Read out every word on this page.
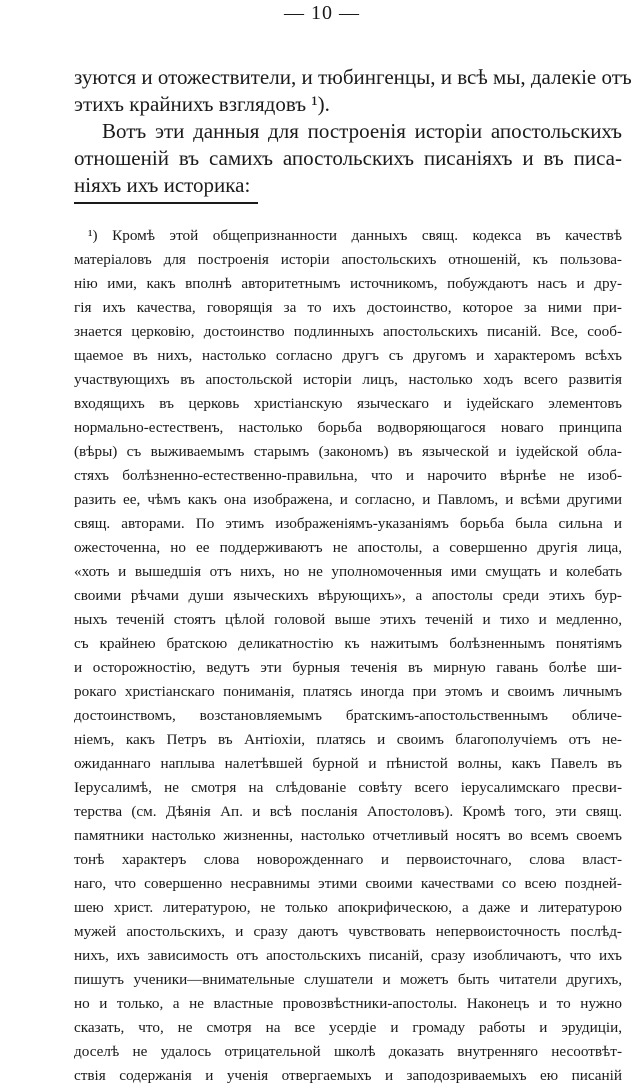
— 10 —
зуются и отожествители, и тюбингенцы, и всѣ мы, далекіе отъ
этихъ крайнихъ взглядовъ ¹).
Вотъ эти данныя для построенія исторіи апостольскихъ
отношеній въ самихъ апостольскихъ писаніяхъ и въ писа-
ніяхъ ихъ историка:
¹) Кромѣ этой общепризнанности данныхъ свящ. кодекса въ качествѣ
матеріаловъ для построенія исторіи апостольскихъ отношеній, къ пользова-
нію ими, какъ вполнѣ авторитетнымъ источникомъ, побуждаютъ насъ и дру-
гія ихъ качества, говорящія за то ихъ достоинство, которое за ними при-
знается церковію, достоинство подлинныхъ апостольскихъ писаній. Все, сооб-
щаемое въ нихъ, настолько согласно другъ съ другомъ и характеромъ всѣхъ
участвующихъ въ апостольской исторіи лицъ, настолько ходъ всего развитія
входящихъ въ церковь христіанскую языческаго и іудейскаго элементовъ
нормально-естественъ, настолько борьба водворяющагося новаго принципа
(вѣры) съ выживаемымъ старымъ (закономъ) въ языческой и іудейской обла-
стяхъ болѣзненно-естественно-правильна, что и нарочито вѣрнѣе не изоб-
разить ее, чѣмъ какъ она изображена, и согласно, и Павломъ, и всѣми другими
свящ. авторами. По этимъ изображеніямъ-указаніямъ борьба была сильна и
ожесточенна, но ее поддерживаютъ не апостолы, а совершенно другія лица,
«хоть и вышедшія отъ нихъ, но не уполномоченныя ими смущать и колебать
своими рѣчами души языческихъ вѣрующихъ», а апостолы среди этихъ бур-
ныхъ теченій стоятъ цѣлой головой выше этихъ теченій и тихо и медленно,
съ крайнею братскою деликатностію къ нажитымъ болѣзненнымъ понятіямъ
и осторожностію, ведутъ эти бурныя теченія въ мирную гавань болѣе ши-
рокаго христіанскаго пониманія, платясь иногда при этомъ и своимъ личнымъ
достоинствомъ, возстановляемымъ братскимъ-апостольственнымъ обличе-
ніемъ, какъ Петръ въ Антіохіи, платясь и своимъ благополучіемъ отъ не-
ожиданнаго наплыва налетѣвшей бурной и пѣнистой волны, какъ Павелъ въ
Іерусалимѣ, не смотря на слѣдованіе совѣту всего іерусалимскаго пресви-
терства (см. Дѣянія Ап. и всѣ посланія Апостоловъ). Кромѣ того, эти свящ.
памятники настолько жизненны, настолько отчетливый носятъ во всемъ своемъ
тонѣ характеръ слова новорожденнаго и первоисточнаго, слова власт-
наго, что совершенно несравнимы этими своими качествами со всею поздней-
шею христ. литературою, не только апокрифическою, а даже и литературою
мужей апостольскихъ, и сразу даютъ чувствовать непервоисточность послѣд-
нихъ, ихъ зависимость отъ апостольскихъ писаній, сразу изобличаютъ, что ихъ
пишутъ ученики—внимательные слушатели и можетъ быть читатели другихъ,
но и только, а не властные провозвѣстники-апостолы. Наконецъ и то нужно
сказать, что, не смотря на все усердіе и громаду работы и эрудиціи,
доселѣ не удалось отрицательной школѣ доказать внутренняго несоотвѣт-
ствія содержанія и ученія отвергаемыхъ и заподозриваемыхъ ею писаній
